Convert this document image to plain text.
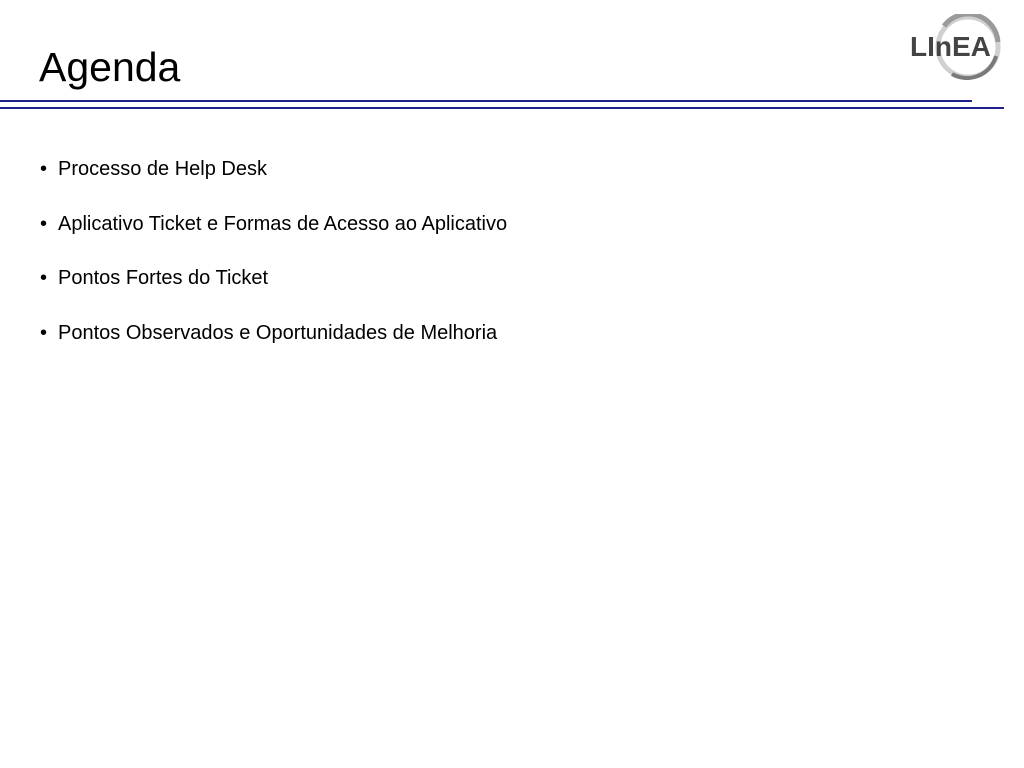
Agenda	LInEA
• Processo de Help Desk
• Aplicativo Ticket e Formas de Acesso ao Aplicativo
• Pontos Fortes do Ticket
• Pontos Observados e Oportunidades de Melhoria
